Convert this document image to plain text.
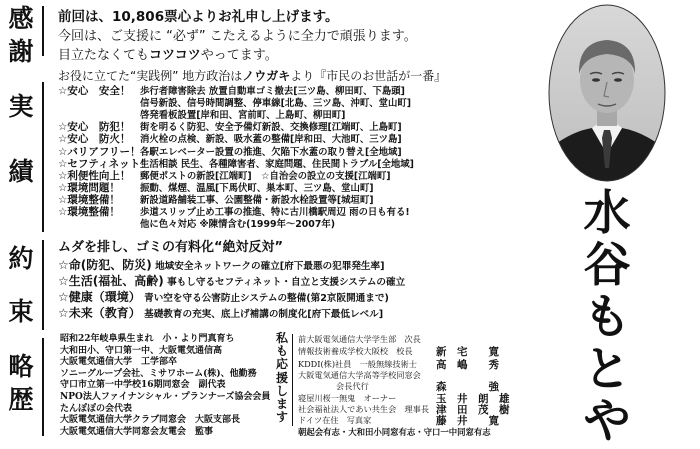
感
謝
実
績
約
束
略
歴
前回は、10,806票心よりお礼申し上げます。
今回は、ご支援に “必ず” こたえるように全力で頑張ります。
目立たなくてもコツコツやってます。
お役に立てた“実践例” 地方政治はノウガキより『市民のお世話が一番』
☆安心　安全！ 歩行者障害除去 放置自動車ゴミ撤去[三ツ島、柳田町、下島頭]
信号新設、信号時間調整、停車線[北島、三ツ島、沖町、堂山町]
啓発看板設置[岸和田、宮前町、上島町、柳田町]
☆安心　防犯！ 街を明るく防犯、安全予備灯新設、交換修理[江端町、上島町]
☆安心　防火！ 消火栓の点検、新設、吸水蓋の整備[岸和田、大池町、三ツ島]
☆バリアフリー！各駅エレベーター設置の推進、欠陥下水蓋の取り替え[全地域]
☆セフティネット！生活相談 民生、各種障害者、家庭問題、住民間トラブル[全地域]
☆利便性向上！ 郵便ポストの新設[江端町]　☆自治会の設立の支援[江端町]
☆環境問題！ 振動、煤煙、温風[下馬伏町、巣本町、三ツ島、堂山町]
☆環境整備！ 新設道路舗装工事、公園整備・新設水栓設置等[城垣町]
☆環境整備！ 歩道スリップ止め工事の推進、特に古川橋駅周辺 雨の日も有る!
他に色々対応 ※陳情含む(1999年～2007年)
ムダを排し、ゴミの有料化“絶対反対”
☆命(防犯、防災) 地域安全ネットワークの確立[府下最悪の犯罪発生率]
☆生活(福祉、高齢) 事もし守るセフティネット・自立と支援システムの確立
☆健康（環境） 青い空を守る公害防止システムの整備(第2京阪開通まで)
☆未来（教育） 基礎教育の充実、底上げ補講の制度化[府下最低レベル]
昭和22年岐阜県生まれ　小・より門真育ち
大和田小、守口第一中、大阪電気通信高
大阪電気通信大学　工学部卒
ソニーグループ会社、ミサワホーム(株)、他勤務
守口市立第一中学校16期同窓会　副代表
NPO法人ファイナンシャル・プランナーズ協会会員
たんぽぽの会代表
大阪電気通信大学クラブ同窓会　大阪支部長
大阪電気通信大学同窓会友電会　監事
私
も
応
援
し
ま
す
前大阪電気通信大学学生部　次長
情報技術養成学校大阪校　校長 新　宅　　寛
KDDI(株)社員　一般無線技術士 高　嶋　　秀
大阪電気通信大学高等学校同窓会
会長代行	森　　　　強
寝屋川桜一無鬼　オーナー	玉　井　朗　雄
社会福祉法人であい共生会　理事長 津　田　茂　樹
ドイツ在住　写真家	藤　井　　寛
朝起会有志・大和田小同窓有志・守口一中同窓有志
水
谷
も
と
や
